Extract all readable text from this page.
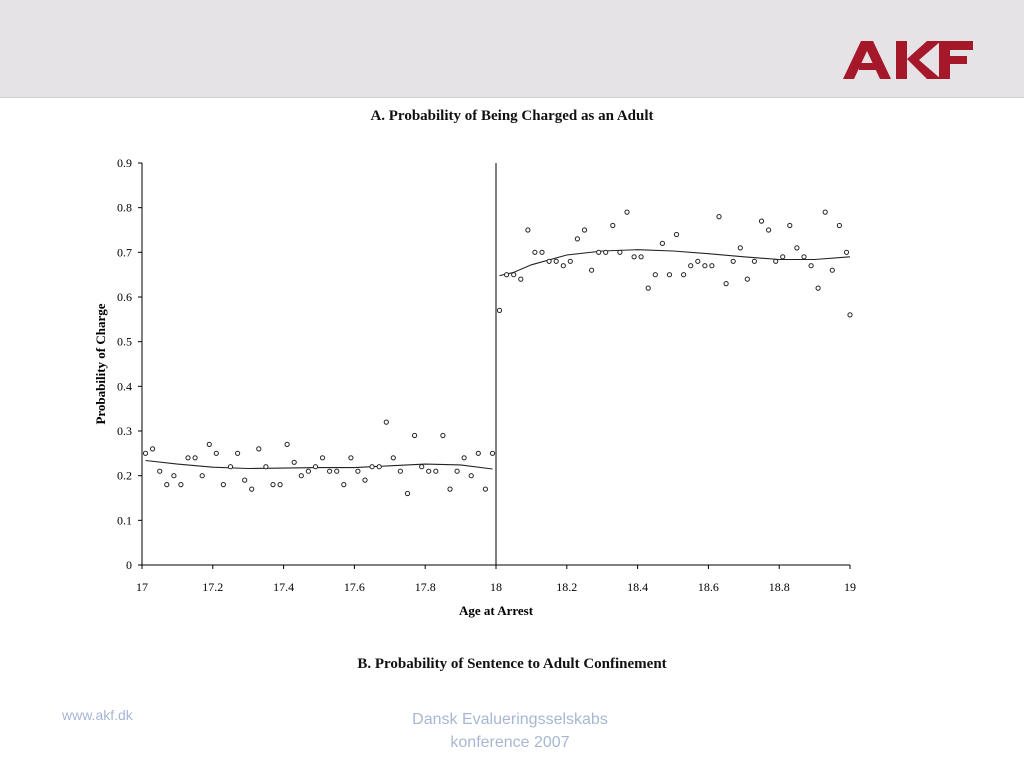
A. Probability of Being Charged as an Adult
0
0.1
0.2
0.3
0.4
0.5
0.6
0.7
0.8
0.9
17	17.2	17.4	17.6	17.8	18	18.2	18.4	18.6	18.8	19
Age at Arrest
Probability of Charge
B. Probability of Sentence to Adult Confinement
www.akf.dk	Dansk Evalueringsselskabs
konference 2007
